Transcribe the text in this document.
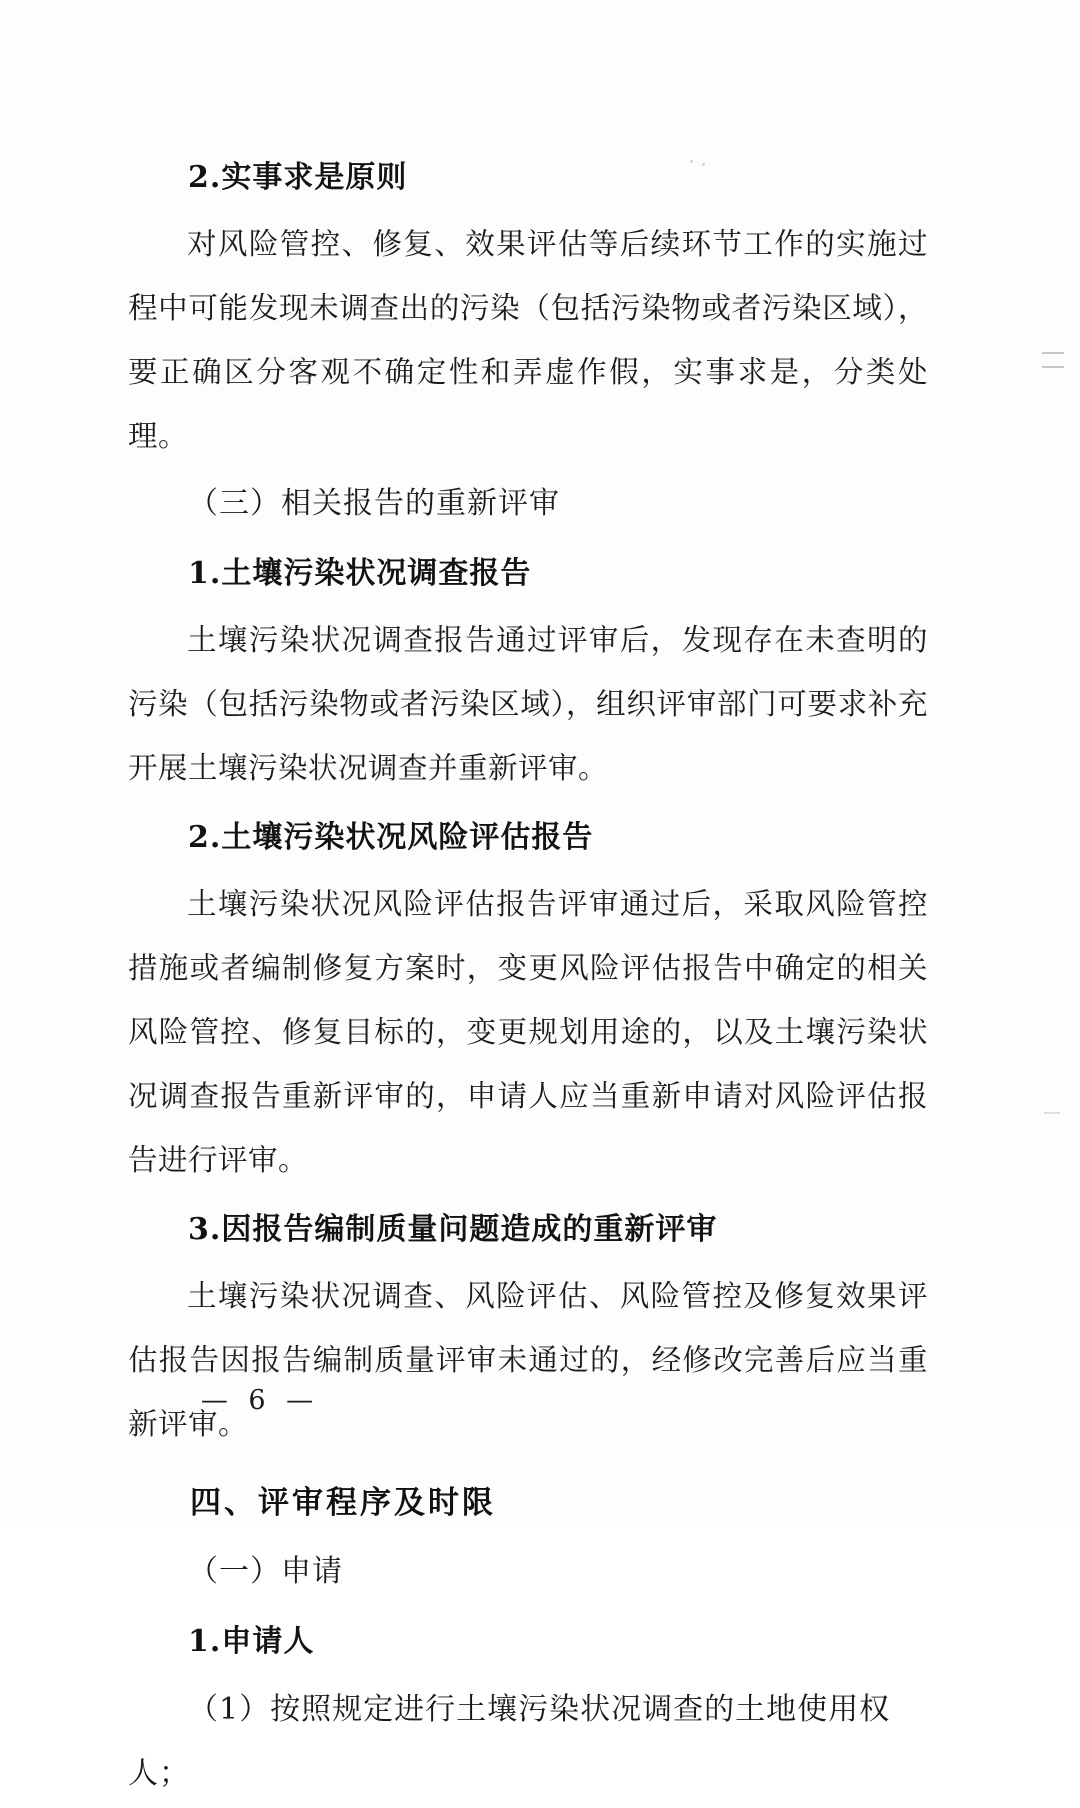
2.实事求是原则

对风险管控、修复、效果评估等后续环节工作的实施过程中可能发现未调查出的污染（包括污染物或者污染区域），要正确区分客观不确定性和弄虚作假，实事求是，分类处理。

（三）相关报告的重新评审
1.土壤污染状况调查报告

土壤污染状况调查报告通过评审后，发现存在未查明的污染（包括污染物或者污染区域），组织评审部门可要求补充开展土壤污染状况调查并重新评审。

2.土壤污染状况风险评估报告

土壤污染状况风险评估报告评审通过后，采取风险管控措施或者编制修复方案时，变更风险评估报告中确定的相关风险管控、修复目标的，变更规划用途的，以及土壤污染状况调查报告重新评审的，申请人应当重新申请对风险评估报告进行评审。

3.因报告编制质量问题造成的重新评审

土壤污染状况调查、风险评估、风险管控及修复效果评估报告因报告编制质量评审未通过的，经修改完善后应当重新评审。

四、评审程序及时限
（一）申请
1.申请人
（1）按照规定进行土壤污染状况调查的土地使用权人；
— 6 —
